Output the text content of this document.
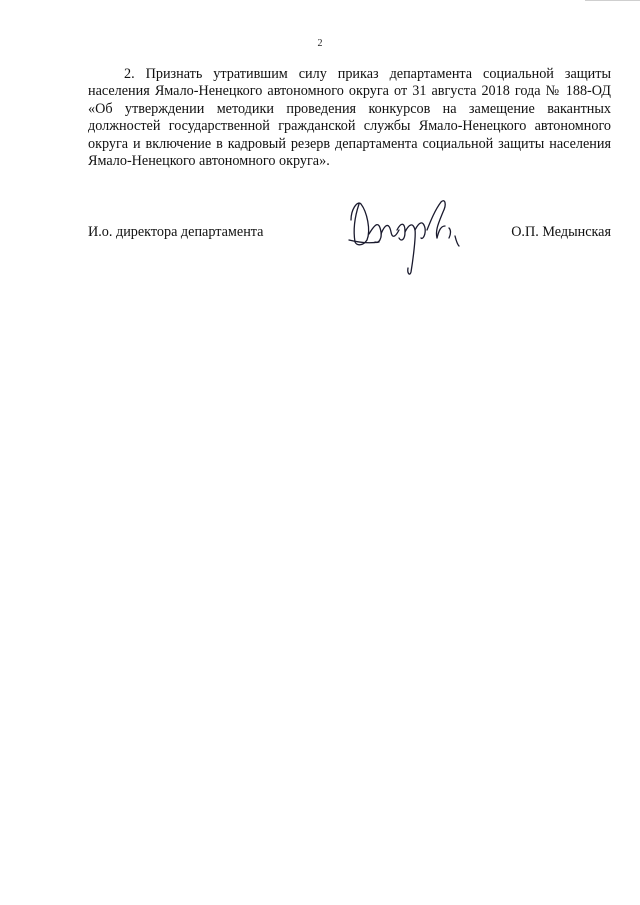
2

2. Признать утратившим силу приказ департамента социальной защиты населения Ямало-Ненецкого автономного округа от 31 августа 2018 года № 188-ОД «Об утверждении методики проведения конкурсов на замещение вакантных должностей государственной гражданской службы Ямало-Ненецкого автономного округа и включение в кадровый резерв департамента социальной защиты населения Ямало-Ненецкого автономного округа».

И.о. директора департамента	О.П. Медынская
